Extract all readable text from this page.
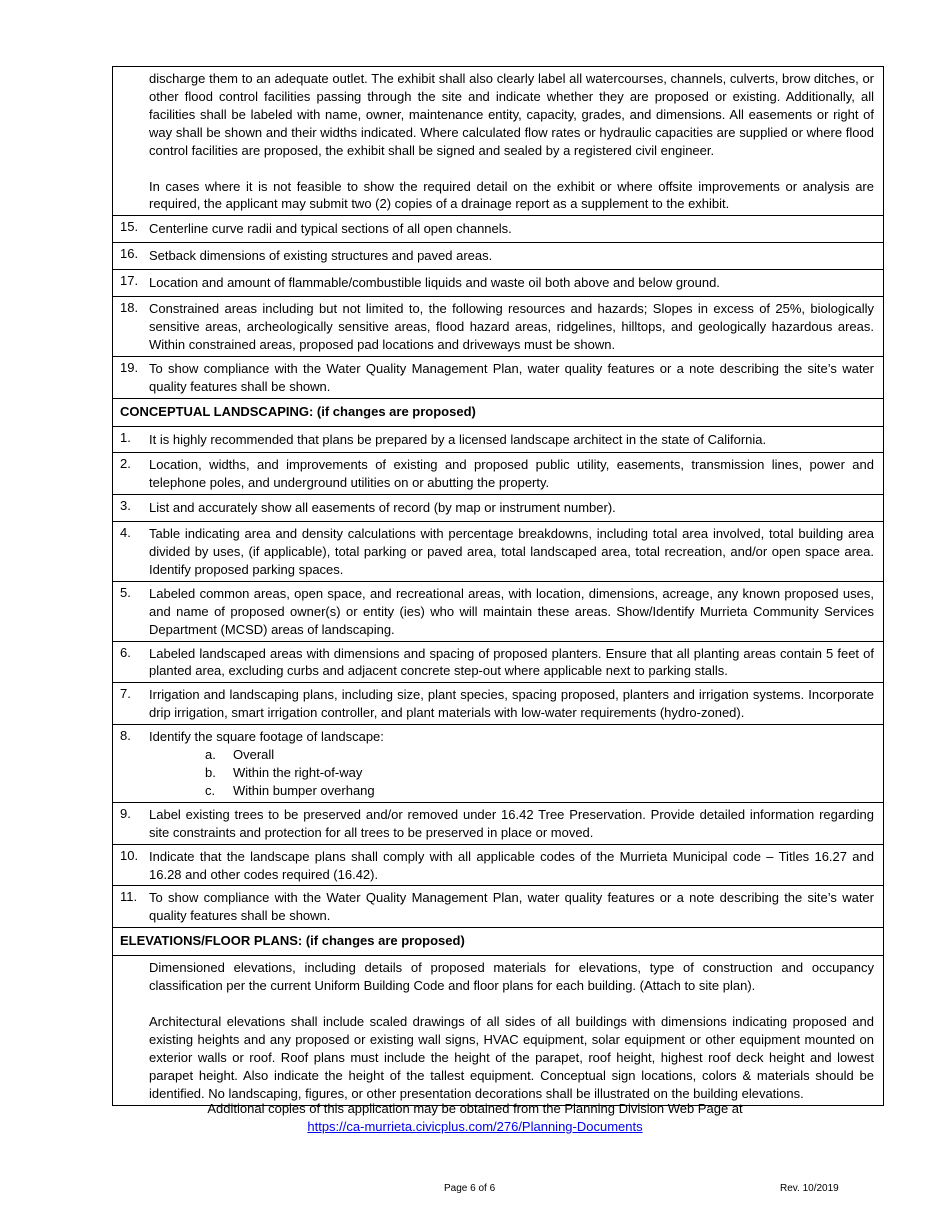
discharge them to an adequate outlet. The exhibit shall also clearly label all watercourses, channels, culverts, brow ditches, or other flood control facilities passing through the site and indicate whether they are proposed or existing. Additionally, all facilities shall be labeled with name, owner, maintenance entity, capacity, grades, and dimensions. All easements or right of way shall be shown and their widths indicated. Where calculated flow rates or hydraulic capacities are supplied or where flood control facilities are proposed, the exhibit shall be signed and sealed by a registered civil engineer.
In cases where it is not feasible to show the required detail on the exhibit or where offsite improvements or analysis are required, the applicant may submit two (2) copies of a drainage report as a supplement to the exhibit.
15. Centerline curve radii and typical sections of all open channels.
16. Setback dimensions of existing structures and paved areas.
17. Location and amount of flammable/combustible liquids and waste oil both above and below ground.
18. Constrained areas including but not limited to, the following resources and hazards; Slopes in excess of 25%, biologically sensitive areas, archeologically sensitive areas, flood hazard areas, ridgelines, hilltops, and geologically hazardous areas. Within constrained areas, proposed pad locations and driveways must be shown.
19. To show compliance with the Water Quality Management Plan, water quality features or a note describing the site’s water quality features shall be shown.
CONCEPTUAL LANDSCAPING: (if changes are proposed)
1. It is highly recommended that plans be prepared by a licensed landscape architect in the state of California.
2. Location, widths, and improvements of existing and proposed public utility, easements, transmission lines, power and telephone poles, and underground utilities on or abutting the property.
3. List and accurately show all easements of record (by map or instrument number).
4. Table indicating area and density calculations with percentage breakdowns, including total area involved, total building area divided by uses, (if applicable), total parking or paved area, total landscaped area, total recreation, and/or open space area. Identify proposed parking spaces.
5. Labeled common areas, open space, and recreational areas, with location, dimensions, acreage, any known proposed uses, and name of proposed owner(s) or entity (ies) who will maintain these areas. Show/Identify Murrieta Community Services Department (MCSD) areas of landscaping.
6. Labeled landscaped areas with dimensions and spacing of proposed planters. Ensure that all planting areas contain 5 feet of planted area, excluding curbs and adjacent concrete step-out where applicable next to parking stalls.
7. Irrigation and landscaping plans, including size, plant species, spacing proposed, planters and irrigation systems. Incorporate drip irrigation, smart irrigation controller, and plant materials with low-water requirements (hydro-zoned).
8. Identify the square footage of landscape:
a.	Overall
b.	Within the right-of-way
c.	Within bumper overhang
9. Label existing trees to be preserved and/or removed under 16.42 Tree Preservation. Provide detailed information regarding site constraints and protection for all trees to be preserved in place or moved.
10. Indicate that the landscape plans shall comply with all applicable codes of the Murrieta Municipal code – Titles 16.27 and 16.28 and other codes required (16.42).
11. To show compliance with the Water Quality Management Plan, water quality features or a note describing the site’s water quality features shall be shown.
ELEVATIONS/FLOOR PLANS: (if changes are proposed)
Dimensioned elevations, including details of proposed materials for elevations, type of construction and occupancy classification per the current Uniform Building Code and floor plans for each building. (Attach to site plan).
Architectural elevations shall include scaled drawings of all sides of all buildings with dimensions indicating proposed and existing heights and any proposed or existing wall signs, HVAC equipment, solar equipment or other equipment mounted on exterior walls or roof. Roof plans must include the height of the parapet, roof height, highest roof deck height and lowest parapet height. Also indicate the height of the tallest equipment. Conceptual sign locations, colors & materials should be identified. No landscaping, figures, or other presentation decorations shall be illustrated on the building elevations.
Additional copies of this application may be obtained from the Planning Division Web Page at
https://ca-murrieta.civicplus.com/276/Planning-Documents
Page 6 of 6	Rev. 10/2019
